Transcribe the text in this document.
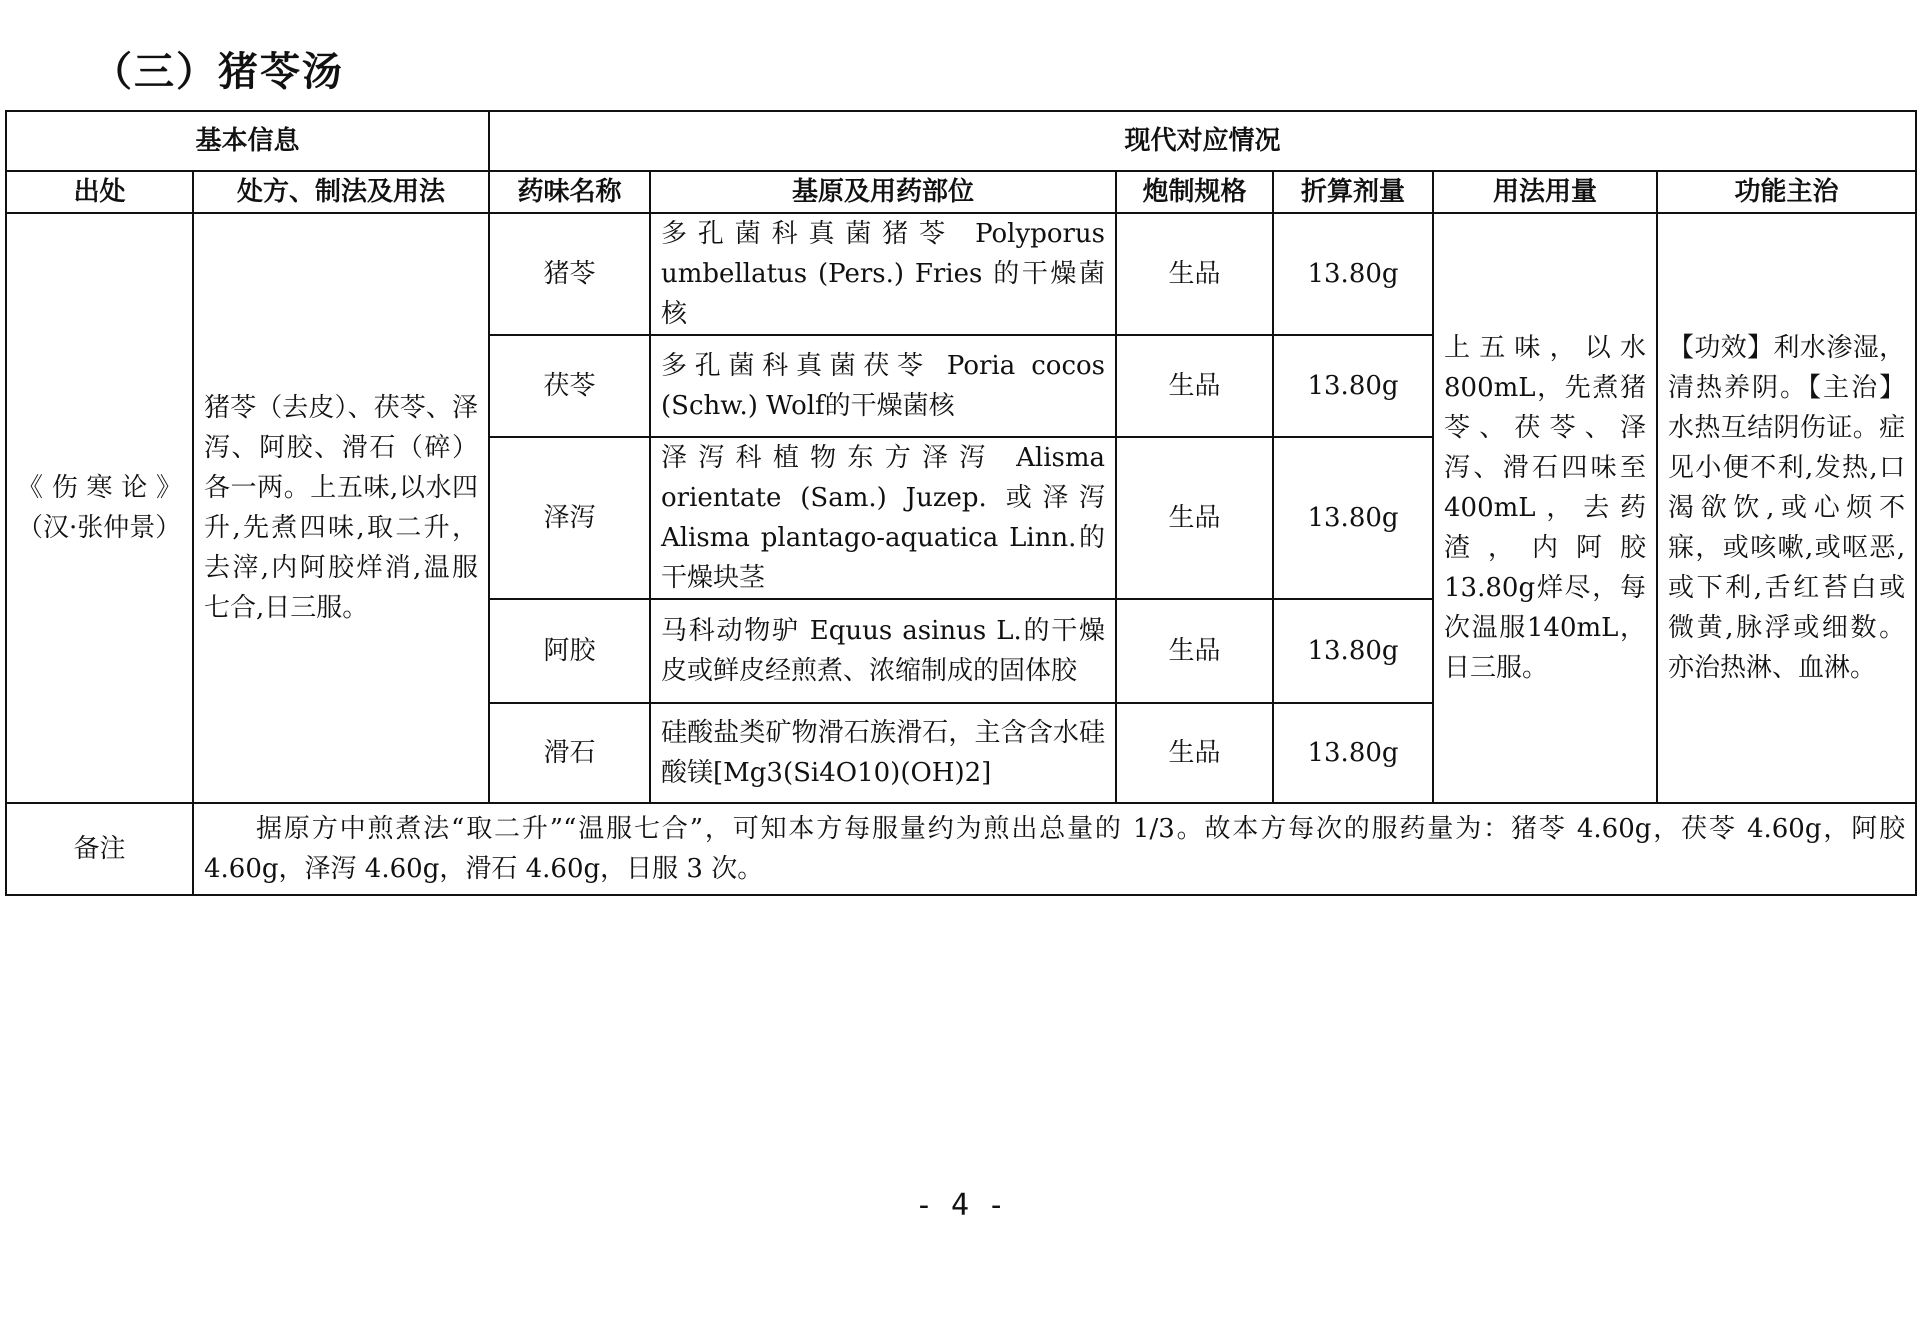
（三）猪苓汤
基本信息		现代对应情况					
出处	处方、制法及用法	药味名称	基原及用药部位	炮制规格	折算剂量	用法用量	功能主治
《伤寒论》（汉·张仲景）	猪苓（去皮）、茯苓、泽泻、阿胶、滑石（碎）各一两。上五味,以水四升,先煮四味,取二升，去滓,内阿胶烊消,温服七合,日三服。	猪苓	多孔菌科真菌猪苓 Polyporus umbellatus (Pers.) Fries 的干燥菌核	生品	13.80g	上五味，以水800mL，先煮猪苓、茯苓、泽泻、滑石四味至400mL，去药渣，内阿胶13.80g烊尽，每次温服140mL，日三服。	【功效】利水渗湿，清热养阴。【主治】水热互结阴伤证。症见小便不利,发热,口渴欲饮,或心烦不寐，或咳嗽,或呕恶,或下利,舌红苔白或微黄,脉浮或细数。亦治热淋、血淋。
		茯苓	多孔菌科真菌茯苓 Poria cocos (Schw.) Wolf的干燥菌核	生品	13.80g		
		泽泻	泽泻科植物东方泽泻 Alisma orientate (Sam.) Juzep. 或泽泻 Alisma plantago-aquatica Linn.的干燥块茎	生品	13.80g		
		阿胶	马科动物驴 Equus asinus L.的干燥皮或鲜皮经煎煮、浓缩制成的固体胶	生品	13.80g		
		滑石	硅酸盐类矿物滑石族滑石，主含含水硅酸镁[Mg3(Si4O10)(OH)2]	生品	13.80g		
备注	据原方中煎煮法“取二升”“温服七合”，可知本方每服量约为煎出总量的 1/3。故本方每次的服药量为：猪苓 4.60g，茯苓 4.60g，阿胶 4.60g，泽泻 4.60g，滑石 4.60g，日服 3 次。						
- 4 -
